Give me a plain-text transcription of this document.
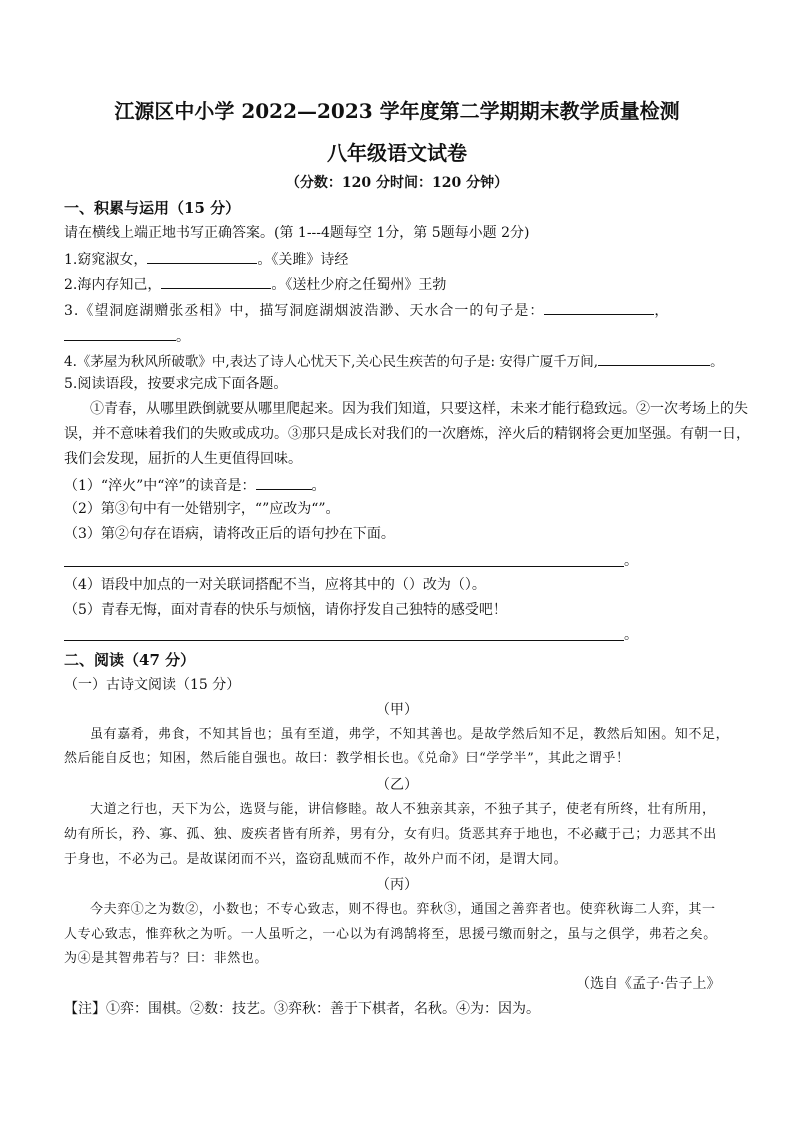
江源区中小学 2022—2023 学年度第二学期期末教学质量检测
八年级语文试卷
（分数：120 分时间：120 分钟）
一、积累与运用（15 分）
请在横线上端正地书写正确答案。(第 1---4题每空 1分，第 5题每小题 2分)
1.窈窕淑女，	。《关雎》诗经
2.海内存知己，	。《送杜少府之任蜀州》王勃
3.《望洞庭湖赠张丞相》中，描写洞庭湖烟波浩渺、天水合一的句子是：	，
。
4.《茅屋为秋风所破歌》中,表达了诗人心忧天下,关心民生疾苦的句子是: 安得广厦千万间,	。
5.阅读语段，按要求完成下面各题。
①青春，从哪里跌倒就要从哪里爬起来。因为我们知道，只要这样，未来才能行稳致远。②一次考场上的失
误，并不意味着我们的失败或成功。③那只是成长对我们的一次磨炼，淬火后的精钢将会更加坚强。有朝一日，
我们会发现，屈折的人生更值得回味。
（1）“淬火”中“淬”的读音是：	。
（2）第③句中有一处错别字，“”应改为“”。
（3）第②句存在语病，请将改正后的语句抄在下面。
。
（4）语段中加点的一对关联词搭配不当，应将其中的（）改为（）。
（5）青春无悔，面对青春的快乐与烦恼，请你抒发自己独特的感受吧！
。
二、阅读（47 分）
（一）古诗文阅读（15 分）
（甲）
虽有嘉肴，弗食，不知其旨也；虽有至道，弗学，不知其善也。是故学然后知不足，教然后知困。知不足，
然后能自反也；知困，然后能自强也。故曰：教学相长也。《兑命》曰“学学半”，其此之谓乎！
（乙）
大道之行也，天下为公，选贤与能，讲信修睦。故人不独亲其亲，不独子其子，使老有所终，壮有所用，
幼有所长，矜、寡、孤、独、废疾者皆有所养，男有分，女有归。货恶其弃于地也，不必藏于己；力恶其不出
于身也，不必为己。是故谋闭而不兴，盗窃乱贼而不作，故外户而不闭，是谓大同。
（丙）
今夫弈①之为数②，小数也；不专心致志，则不得也。弈秋③，通国之善弈者也。使弈秋诲二人弈，其一
人专心致志，惟弈秋之为听。一人虽听之，一心以为有鸿鹄将至，思援弓缴而射之，虽与之俱学，弗若之矣。
为④是其智弗若与？曰：非然也。
（选自《孟子·告子上》
【注】①弈：围棋。②数：技艺。③弈秋：善于下棋者，名秋。④为：因为。
